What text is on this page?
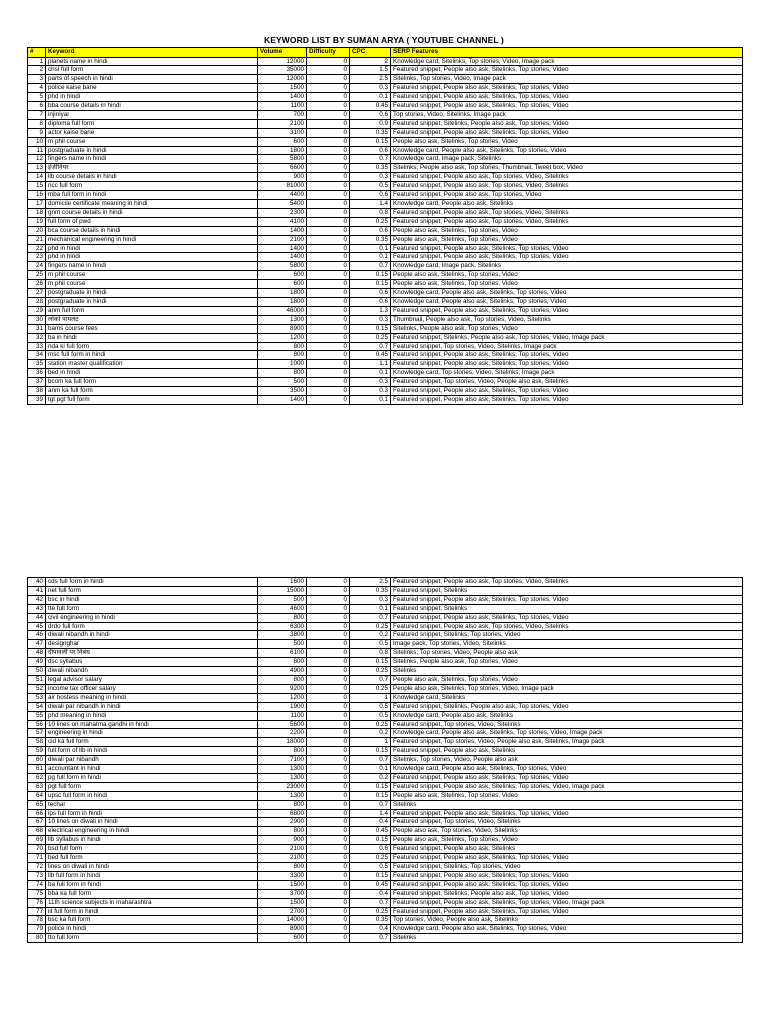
KEYWORD LIST BY SUMAN ARYA ( YOUTUBE CHANNEL )
#	Keyword	Volume	Difficulty	CPC	SERP Features
1	planets name in hindi	12000	0	2	Knowledge card, Sitelinks, Top stories, Video, Image pack
2	chsl full form	35000	0	1.5	Featured snippet, People also ask, Sitelinks, Top stories, Video
3	parts of speech in hindi	12000	0	2.5	Sitelinks, Top stories, Video, Image pack
4	police kaise bane	1500	0	0.3	Featured snippet, People also ask, Sitelinks, Top stories, Video
5	phd in hindi	1400	0	0.1	Featured snippet, People also ask, Sitelinks, Top stories, Video
6	bba course details in hindi	1100	0	0.45	Featured snippet, People also ask, Sitelinks, Top stories, Video
7	injiniyar	700	0	0.6	Top stories, Video, Sitelinks, Image pack
8	diploma full form	2100	0	0.9	Featured snippet, Sitelinks, People also ask, Top stories, Video
9	actor kaise bane	3100	0	0.35	Featured snippet, People also ask, Sitelinks, Top stories, Video
10	m phil course	600	0	0.15	People also ask, Sitelinks, Top stories, Video
11	postgraduate in hindi	1800	0	0.6	Knowledge card, People also ask, Sitelinks, Top stories, Video
12	fingers name in hindi	5800	0	0.7	Knowledge card, Image pack, Sitelinks
13	इंजीनियर	6600	0	0.35	Sitelinks, People also ask, Top stories, Thumbnail, Tweet box, Video
14	llb course details in hindi	900	0	0.3	Featured snippet, People also ask, Top stories, Video, Sitelinks
15	ncc full form	81000	0	0.5	Featured snippet, People also ask, Top stories, Video, Sitelinks
16	mba full form in hindi	4400	0	0.6	Featured snippet, People also ask, Top stories, Video
17	domicile certificate meaning in hindi	5400	0	1.4	Knowledge card, People also ask, Sitelinks
18	gnm course details in hindi	2300	0	0.8	Featured snippet, People also ask, Top stories, Video, Sitelinks
19	full form of pwd	4100	0	0.25	Featured snippet, People also ask, Top stories, Video, Sitelinks
20	bca course details in hindi	1400	0	0.6	People also ask, Sitelinks, Top stories, Video
21	mechanical engineering in hindi	2100	0	0.35	People also ask, Sitelinks, Top stories, Video
22	phd in hindi	1400	0	0.1	Featured snippet, People also ask, Sitelinks, Top stories, Video
23	phd in hindi	1400	0	0.1	Featured snippet, People also ask, Sitelinks, Top stories, Video
24	fingers name in hindi	5800	0	0.7	Knowledge card, Image pack, Sitelinks
25	m phil course	600	0	0.15	People also ask, Sitelinks, Top stories, Video
26	m phil course	600	0	0.15	People also ask, Sitelinks, Top stories, Video
27	postgraduate in hindi	1800	0	0.6	Knowledge card, People also ask, Sitelinks, Top stories, Video
28	postgraduate in hindi	1800	0	0.6	Knowledge card, People also ask, Sitelinks, Top stories, Video
29	anm full form	46000	0	1.3	Featured snippet, People also ask, Sitelinks, Top stories, Video
30	लोको पायलट	1300	0	0.3	Thumbnail, People also ask, Top stories, Video, Sitelinks
31	bams course fees	8900	0	0.15	Sitelinks, People also ask, Top stories, Video
32	ba in hindi	1200	0	0.25	Featured snippet, Sitelinks, People also ask, Top stories, Video, Image pack
33	nda ki full form	800	0	0.7	Featured snippet, Top stories, Video, Sitelinks, Image pack
34	msc full form in hindi	800	0	0.45	Featured snippet, People also ask, Sitelinks, Top stories, Video
35	station master qualification	1000	0	1.1	Featured snippet, People also ask, Sitelinks, Top stories, Video
36	bed in hindi	800	0	0.1	Knowledge card, Top stories, Video, Sitelinks, Image pack
37	bcom ka full form	500	0	0.3	Featured snippet, Top stories, Video, People also ask, Sitelinks
38	anm ka full form	3500	0	0.3	Featured snippet, People also ask, Sitelinks, Top stories, Video
39	tgt pgt full form	1400	0	0.1	Featured snippet, People also ask, Sitelinks, Top stories, Video
40	cds full form in hindi	1600	0	2.5	Featured snippet, People also ask, Top stories, Video, Sitelinks
41	net full form	15000	0	0.35	Featured snippet, Sitelinks
42	bsc in hindi	500	0	0.3	Featured snippet, People also ask, Sitelinks, Top stories, Video
43	tte full form	4600	0	0.1	Featured snippet, Sitelinks
44	civil engineering in hindi	800	0	0.7	Featured snippet, People also ask, Sitelinks, Top stories, Video
45	drdo full form	6300	0	0.25	Featured snippet, People also ask, Top stories, Video, Sitelinks
46	diwali nibandh in hindi	3800	0	0.2	Featured snippet, Sitelinks, Top stories, Video
47	designghar	500	0	0.5	Image pack, Top stories, Video, Sitelinks
48	दीपावली पर निबंध	6100	0	0.8	Sitelinks, Top stories, Video, People also ask
49	dsc syllabus	800	0	0.15	Sitelinks, People also ask, Top stories, Video
50	diwali nibandh	4900	0	0.25	Sitelinks
51	legal advisor salary	800	0	0.7	People also ask, Sitelinks, Top stories, Video
52	income tax officer salary	9200	0	0.25	People also ask, Sitelinks, Top stories, Video, Image pack
53	air hostess meaning in hindi	1200	0	1	Knowledge card, Sitelinks
54	diwali par nibandh in hindi	1900	0	0.5	Featured snippet, Sitelinks, People also ask, Top stories, Video
55	phd meaning in hindi	1100	0	0.5	Knowledge card, People also ask, Sitelinks
56	10 lines on mahatma gandhi in hindi	5600	0	0.25	Featured snippet, Top stories, Video, Sitelinks
57	engineering in hindi	2200	0	0.2	Knowledge card, People also ask, Sitelinks, Top stories, Video, Image pack
58	cid ka full form	18000	0	1	Featured snippet, Top stories, Video, People also ask, Sitelinks, Image pack
59	full form of llb in hindi	800	0	0.15	Featured snippet, People also ask, Sitelinks
60	diwali par nibandh	7100	0	0.7	Sitelinks, Top stories, Video, People also ask
61	accountant in hindi	1300	0	0.1	Knowledge card, People also ask, Sitelinks, Top stories, Video
62	pg full form in hindi	1300	0	0.2	Featured snippet, People also ask, Sitelinks, Top stories, Video
63	pgt full form	23000	0	0.15	Featured snippet, People also ask, Sitelinks, Top stories, Video, Image pack
64	upsc full form in hindi	1300	0	0.15	People also ask, Sitelinks, Top stories, Video
65	techar	800	0	0.7	Sitelinks
66	ips full form in hindi	6800	0	1.4	Featured snippet, People also ask, Sitelinks, Top stories, Video
67	10 lines on diwali in hindi	2900	0	0.4	Featured snippet, Top stories, Video, Sitelinks
68	electrical engineering in hindi	800	0	0.45	People also ask, Top stories, Video, Sitelinks
69	llb syllabus in hindi	900	0	0.15	People also ask, Sitelinks, Top stories, Video
70	bsd full form	2100	0	0.6	Featured snippet, People also ask, Sitelinks
71	bed full form	2100	0	0.25	Featured snippet, People also ask, Sitelinks, Top stories, Video
72	lines on diwali in hindi	800	0	0.5	Featured snippet, Sitelinks, Top stories, Video
73	llb full form in hindi	3300	0	0.15	Featured snippet, People also ask, Sitelinks, Top stories, Video
74	ba full form in hindi	1500	0	0.45	Featured snippet, People also ask, Sitelinks, Top stories, Video
75	bba ka full form	3700	0	0.4	Featured snippet, Sitelinks, People also ask, Top stories, Video
76	11th science subjects in maharashtra	1500	0	0.7	Featured snippet, People also ask, Sitelinks, Top stories, Video, Image pack
77	iit full form in hindi	2700	0	0.25	Featured snippet, People also ask, Sitelinks, Top stories, Video
78	bsc ka full form	14000	0	0.35	Top stories, Video, People also ask, Sitelinks
79	police in hindi	8900	0	0.4	Knowledge card, People also ask, Sitelinks, Top stories, Video
80	tto full form	600	0	0.7	Sitelinks
